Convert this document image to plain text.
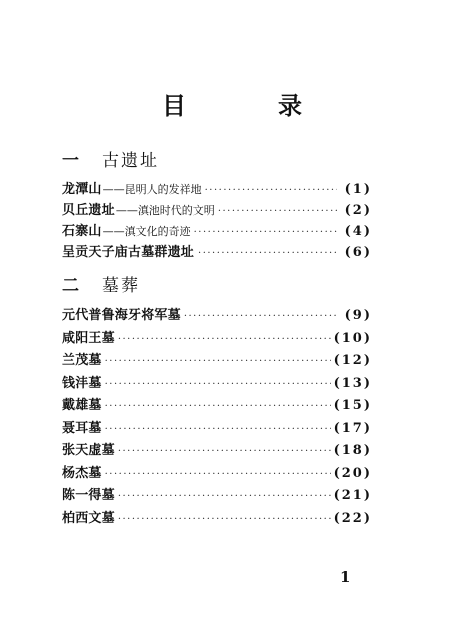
目	录
一	古遗址
龙潭山 ——昆明人的发祥地 ·····	(1)
贝丘遗址 ——滇池时代的文明 ·····	(2)
石寨山 ——滇文化的奇迹 ·····	(4)
呈贡天子庙古墓群遗址 ·····	(6)
二	墓葬
元代普鲁海牙将军墓 ·····	(9)
咸阳王墓 ·····	(10)
兰茂墓 ·····	(12)
钱沣墓 ·····	(13)
戴雄墓 ·····	(15)
聂耳墓 ·····	(17)
张天虚墓 ·····	(18)
杨杰墓 ·····	(20)
陈一得墓 ·····	(21)
柏西文墓 ·····	(22)
1
